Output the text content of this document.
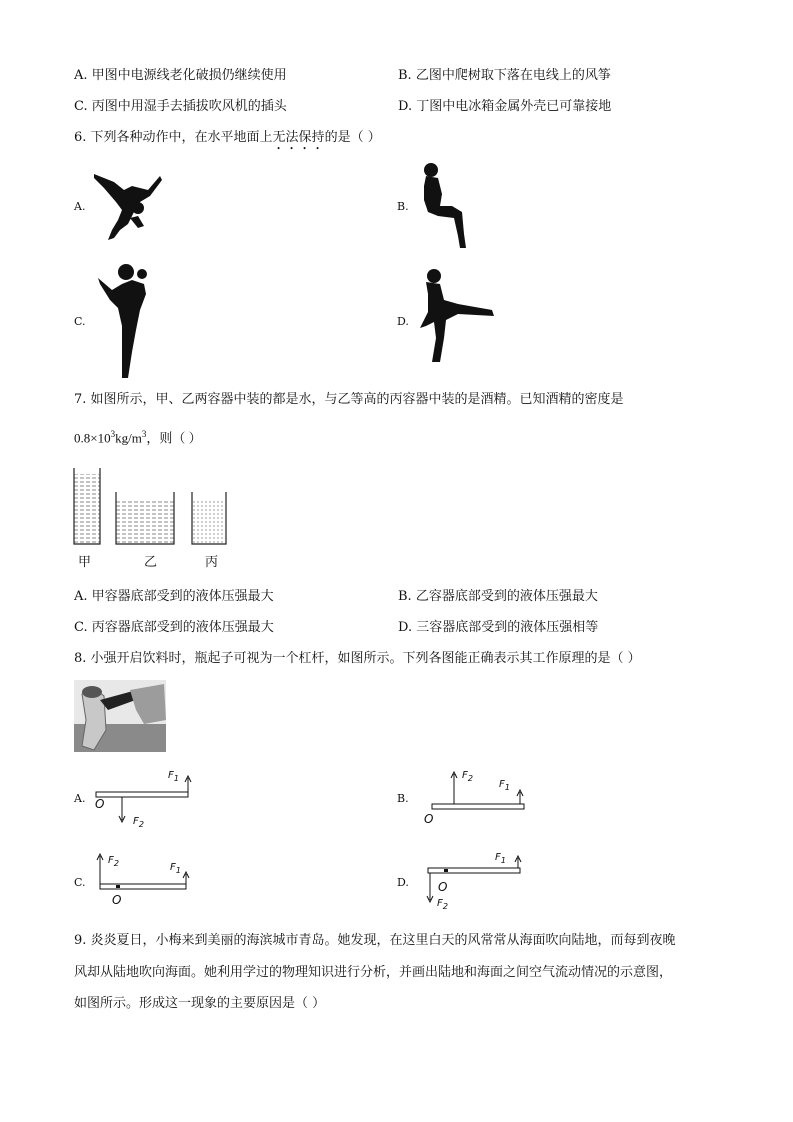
A. 甲图中电源线老化破损仍继续使用	B. 乙图中爬树取下落在电线上的风筝
C. 丙图中用湿手去插拔吹风机的插头	D. 丁图中电冰箱金属外壳已可靠接地
6. 下列各种动作中，在水平地面上无法保持的是（ ）
A.	B.
C.	D.
7. 如图所示，甲、乙两容器中装的都是水，与乙等高的丙容器中装的是酒精。已知酒精的密度是
$0.8\times 10^3kg/m^3$，则（ ）
甲	乙	丙
A. 甲容器底部受到的液体压强最大	B. 乙容器底部受到的液体压强最大
C. 丙容器底部受到的液体压强最大	D. 三容器底部受到的液体压强相等
8. 小强开启饮料时，瓶起子可视为一个杠杆，如图所示。下列各图能正确表示其工作原理的是（ ）
A.
$F_1$
O
$F_2$
B.
$F_2$
$F_1$
O
C.
$F_2$	$F_1$
O
D.
$F_1$
O
$F_2$
9. 炎炎夏日，小梅来到美丽的海滨城市青岛。她发现，在这里白天的风常常从海面吹向陆地，而每到夜晚
风却从陆地吹向海面。她利用学过的物理知识进行分析，并画出陆地和海面之间空气流动情况的示意图，
如图所示。形成这一现象的主要原因是（ ）
